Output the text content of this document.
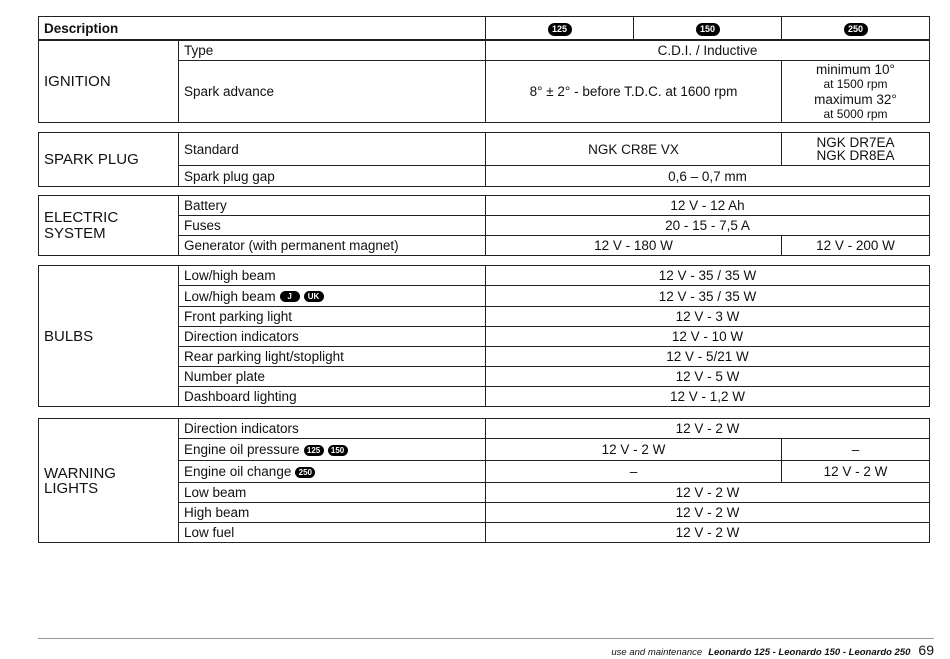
Description	125	150	250
IGNITION	Type	C.D.I. / Inductive	
	Spark advance	8° ± 2° - before T.D.C. at 1600 rpm	minimum 10°
at 1500 rpm
maximum 32°
at 5000 rpm
SPARK PLUG	Standard	NGK CR8E VX	NGK DR7EA
NGK DR8EA

	Spark plug gap	0,6 – 0,7 mm	
ELECTRIC
SYSTEM	Battery	12 V - 12 Ah	
	Fuses	20 - 15 - 7,5 A	
	Generator (with permanent magnet)	12 V - 180 W	12 V - 200 W
BULBS	Low/high beam	12 V - 35 / 35 W
	Low/high beam J UK	12 V - 35 / 35 W
	Front parking light	12 V - 3 W
	Direction indicators	12 V - 10 W
	Rear parking light/stoplight	12 V - 5/21 W
	Number plate	12 V - 5 W
	Dashboard lighting	12 V - 1,2 W
WARNING LIGHTS	Direction indicators	12 V - 2 W	
	Engine oil pressure 125 150	12 V - 2 W	–
	Engine oil change 250	–	12 V - 2 W
	Low beam	12 V - 2 W	
	High beam	12 V - 2 W	
	Low fuel	12 V - 2 W	
use and maintenance Leonardo 125 - Leonardo 150 - Leonardo 250 69
